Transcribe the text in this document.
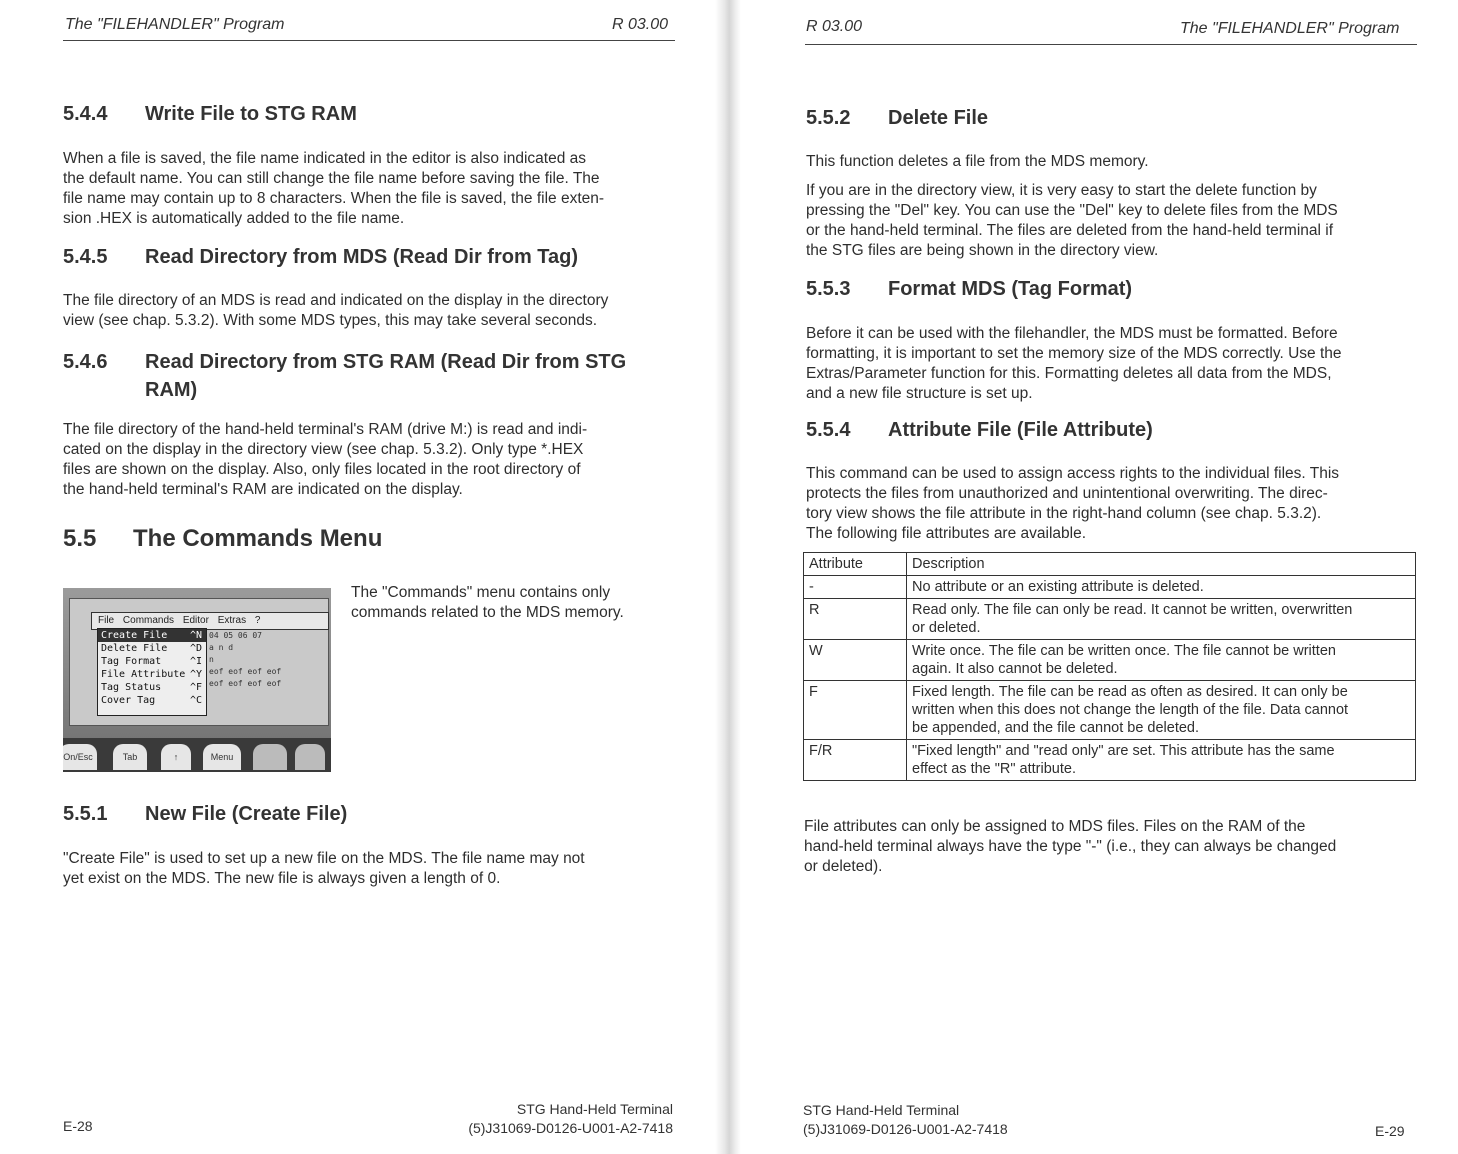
The "FILEHANDLER" Program	R 03.00
5.4.4 Write File to STG RAM

When a file is saved, the file name indicated in the editor is also indicated as

the default name. You can still change the file name before saving the file. The

file name may contain up to 8 characters. When the file is saved, the file exten-

sion .HEX is automatically added to the file name.

5.4.5 Read Directory from MDS (Read Dir from Tag)

The file directory of an MDS is read and indicated on the display in the directory

view (see chap. 5.3.2). With some MDS types, this may take several seconds.

5.4.6 Read Directory from STG RAM (Read Dir from STG
RAM)

The file directory of the hand-held terminal's RAM (drive M:) is read and indi-

cated on the display in the directory view (see chap. 5.3.2). Only type *.HEX

files are shown on the display. Also, only files located in the root directory of

the hand-held terminal's RAM are indicated on the display.

5.5 The Commands Menu
File Commands Editor Extras ?
Create File ^N
Delete File ^D
Tag Format	^I
File Attribute ^Y
Tag Status	^F
Cover Tag	^C
04 05 06 07
a n d
n
eof eof eof eof
eof eof eof eof
On/Esc	Tab	↑	Menu

The "Commands" menu contains only

commands related to the MDS memory.

5.5.1 New File (Create File)

"Create File" is used to set up a new file on the MDS. The file name may not

yet exist on the MDS. The new file is always given a length of 0.

E-28
STG Hand-Held Terminal
(5)J31069-D0126-U001-A2-7418
R 03.00	The "FILEHANDLER" Program
5.5.2 Delete File

This function deletes a file from the MDS memory.

If you are in the directory view, it is very easy to start the delete function by

pressing the "Del" key. You can use the "Del" key to delete files from the MDS

or the hand-held terminal. The files are deleted from the hand-held terminal if

the STG files are being shown in the directory view.

5.5.3 Format MDS (Tag Format)

Before it can be used with the filehandler, the MDS must be formatted. Before

formatting, it is important to set the memory size of the MDS correctly. Use the

Extras/Parameter function for this. Formatting deletes all data from the MDS,

and a new file structure is set up.

5.5.4 Attribute File (File Attribute)

This command can be used to assign access rights to the individual files. This

protects the files from unauthorized and unintentional overwriting. The direc-

tory view shows the file attribute in the right-hand column (see chap. 5.3.2).

The following file attributes are available.

Attribute	Description
-	No attribute or an existing attribute is deleted.

R	Read only. The file can only be read. It cannot be written, overwritten
or deleted.

W	Write once. The file can be written once. The file cannot be written
again. It also cannot be deleted.

F	Fixed length. The file can be read as often as desired. It can only be
written when this does not change the length of the file. Data cannot
be appended, and the file cannot be deleted.

F/R	"Fixed length" and "read only" are set. This attribute has the same
effect as the "R" attribute.

File attributes can only be assigned to MDS files. Files on the RAM of the

hand-held terminal always have the type "-" (i.e., they can always be changed

or deleted).

STG Hand-Held Terminal
(5)J31069-D0126-U001-A2-7418	E-29
